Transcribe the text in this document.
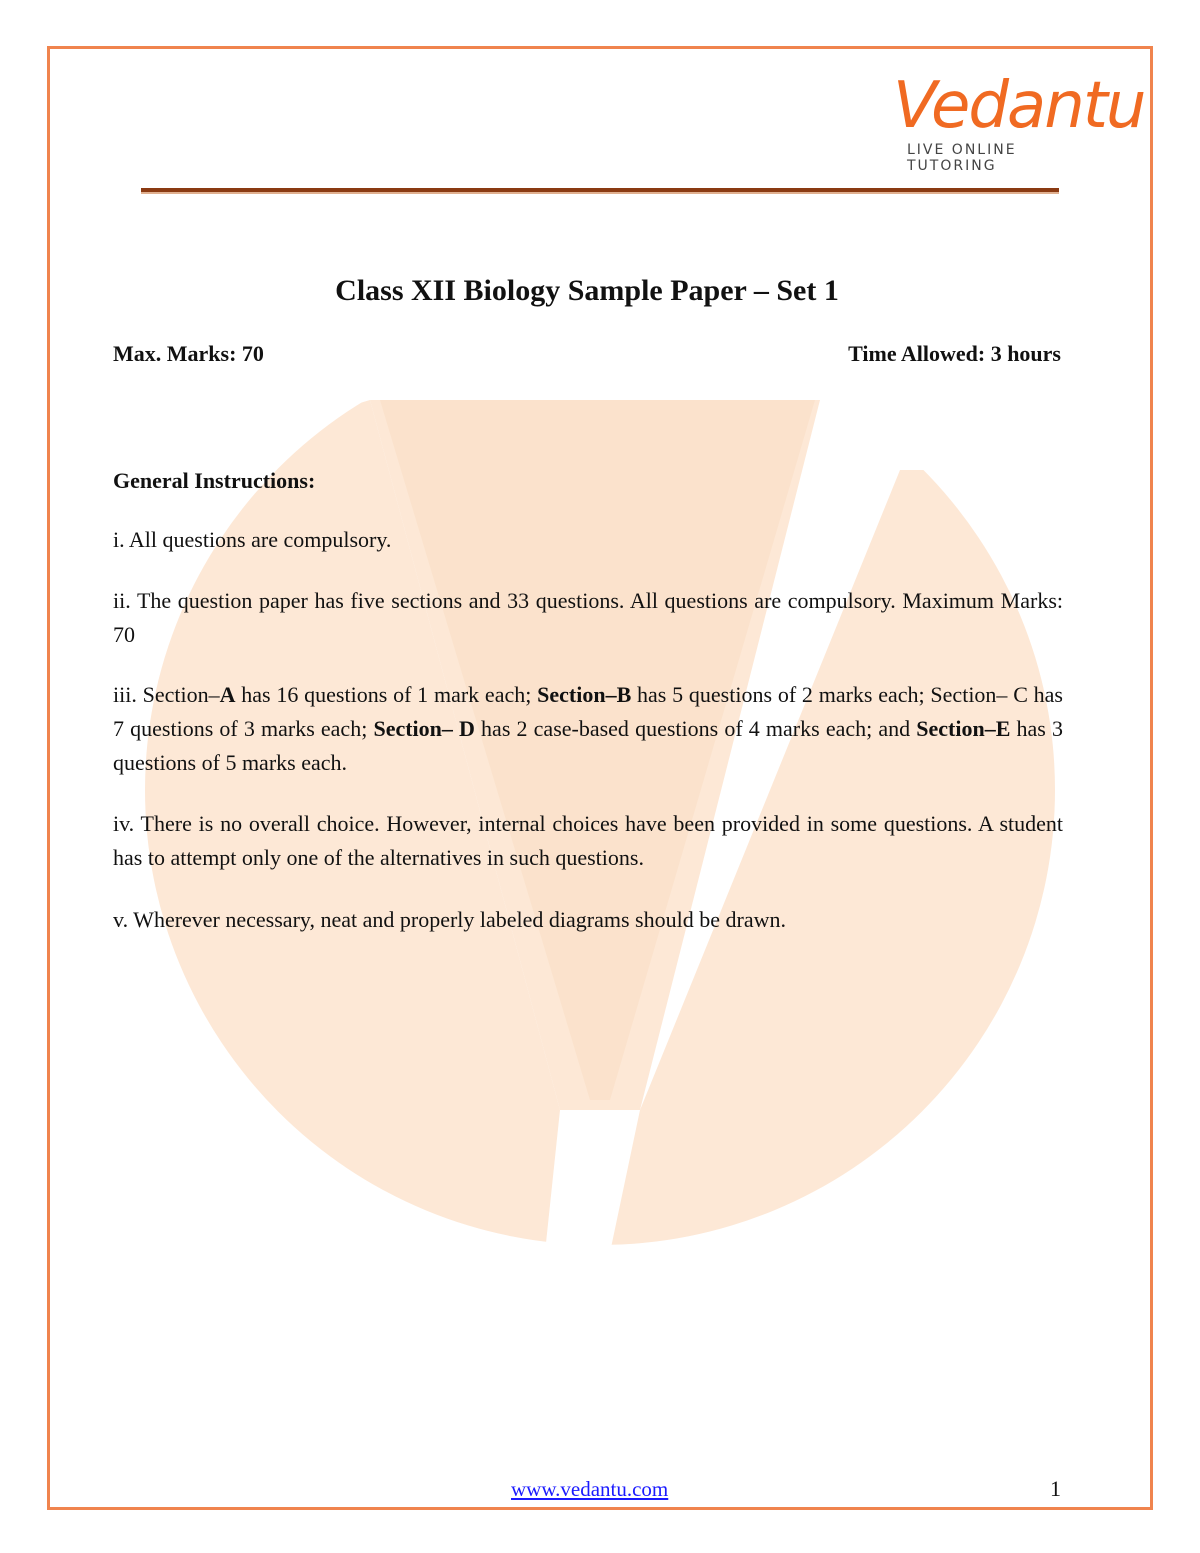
Vedantu
LIVE ONLINE TUTORING
Class XII Biology Sample Paper – Set 1
Max. Marks: 70	Time Allowed: 3 hours
General Instructions:
i. All questions are compulsory.
ii. The question paper has five sections and 33 questions. All questions are compulsory. Maximum Marks: 70
iii. Section–A has 16 questions of 1 mark each; Section–B has 5 questions of 2 marks each; Section– C has 7 questions of 3 marks each; Section– D has 2 case-based questions of 4 marks each; and Section–E has 3 questions of 5 marks each.
iv. There is no overall choice. However, internal choices have been provided in some questions. A student has to attempt only one of the alternatives in such questions.
v. Wherever necessary, neat and properly labeled diagrams should be drawn.
www.vedantu.com	1
